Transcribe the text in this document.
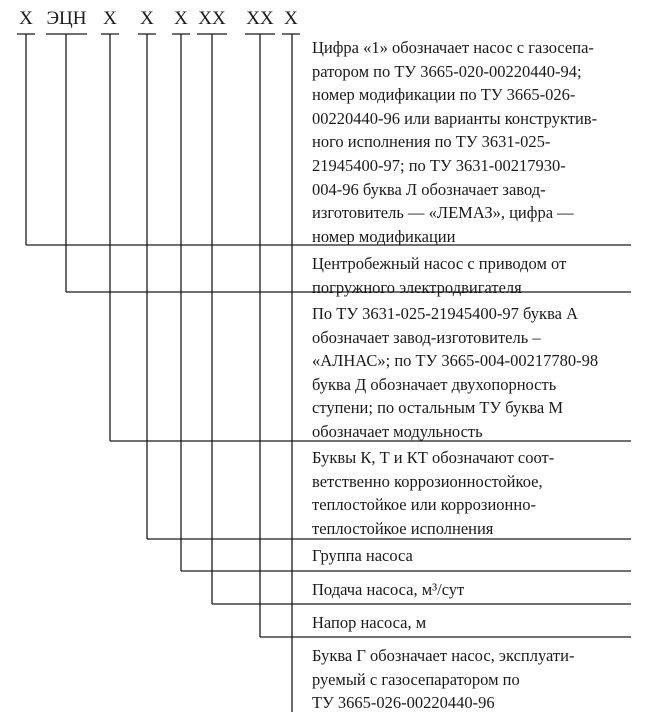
Х ЭЦН Х Х Х ХХ ХХ Х
Цифра «1» обозначает насос с газосепа-
ратором по ТУ 3665-020-00220440-94;
номер модификации по ТУ 3665-026-
00220440-96 или варианты конструктив-
ного исполнения по ТУ 3631-025-
21945400-97; по ТУ 3631-00217930-
004-96 буква Л обозначает завод-
изготовитель — «ЛЕМАЗ», цифра —
номер модификации
Центробежный насос с приводом от
погружного электродвигателя
По ТУ 3631-025-21945400-97 буква А
обозначает завод-изготовитель –
«АЛНАС»; по ТУ 3665-004-00217780-98
буква Д обозначает двухопорность
ступени; по остальным ТУ буква М
обозначает модульность
Буквы К, Т и КТ обозначают соот-
ветственно коррозионностойкое,
теплостойкое или коррозионно-
теплостойкое исполнения
Группа насоса
Подача насоса, м³/сут
Напор насоса, м
Буква Г обозначает насос, эксплуати-
руемый с газосепаратором по
ТУ 3665-026-00220440-96
